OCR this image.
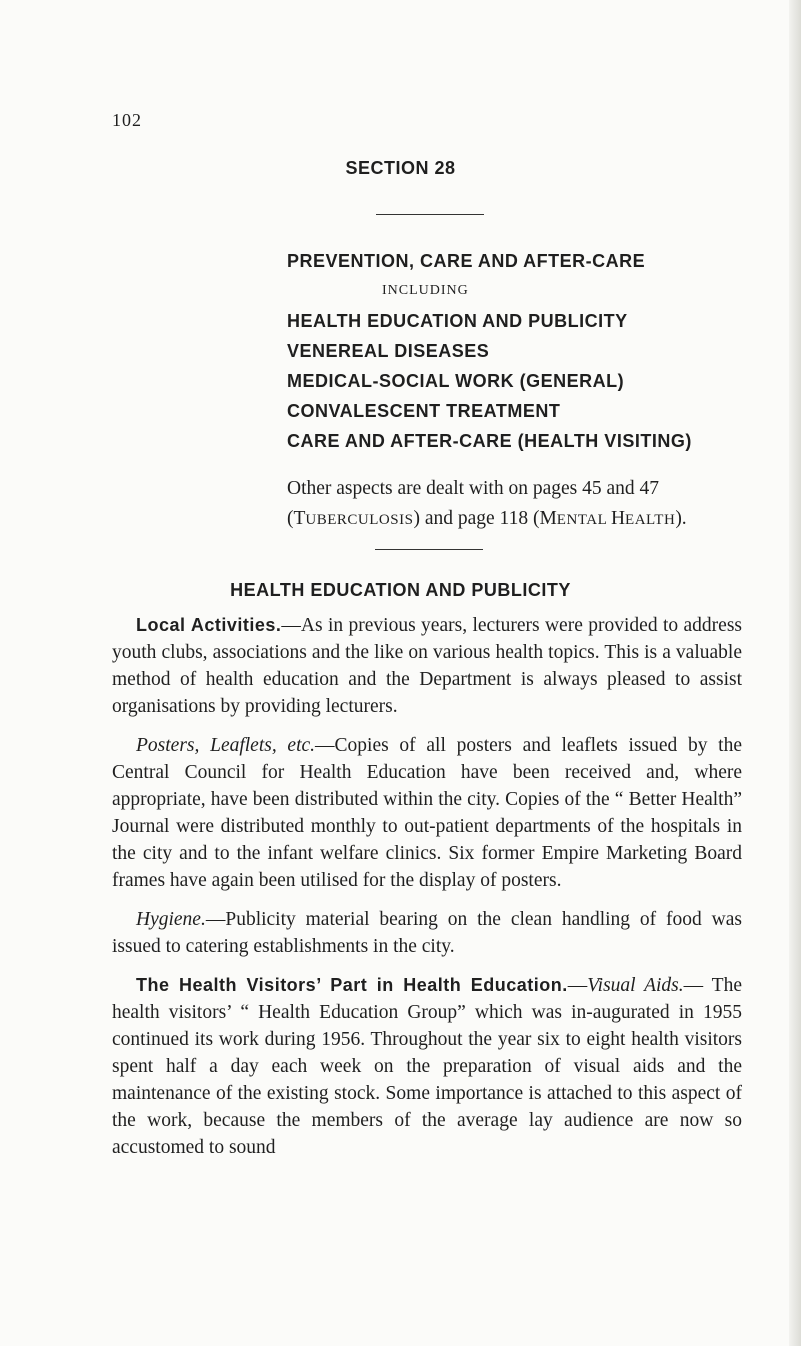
102
SECTION 28
PREVENTION, CARE AND AFTER-CARE
INCLUDING
HEALTH EDUCATION AND PUBLICITY
VENEREAL DISEASES
MEDICAL-SOCIAL WORK (GENERAL)
CONVALESCENT TREATMENT
CARE AND AFTER-CARE (HEALTH VISITING)
Other aspects are dealt with on pages 45 and 47
(TUBERCULOSIS) and page 118 (MENTAL HEALTH).
HEALTH EDUCATION AND PUBLICITY

Local Activities.—As in previous years, lecturers were provided to address youth clubs, associations and the like on various health topics. This is a valuable method of health education and the Department is always pleased to assist organisations by providing lecturers.

Posters, Leaflets, etc.—Copies of all posters and leaflets issued by the Central Council for Health Education have been received and, where appropriate, have been distributed within the city. Copies of the “ Better Health” Journal were distributed monthly to out-patient departments of the hospitals in the city and to the infant welfare clinics. Six former Empire Marketing Board frames have again been utilised for the display of posters.

Hygiene.—Publicity material bearing on the clean handling of food was issued to catering establishments in the city.

The Health Visitors’ Part in Health Education.—Visual Aids.— The health visitors’ “ Health Education Group” which was in-augurated in 1955 continued its work during 1956. Throughout the year six to eight health visitors spent half a day each week on the preparation of visual aids and the maintenance of the existing stock. Some importance is attached to this aspect of the work, because the members of the average lay audience are now so accustomed to sound
